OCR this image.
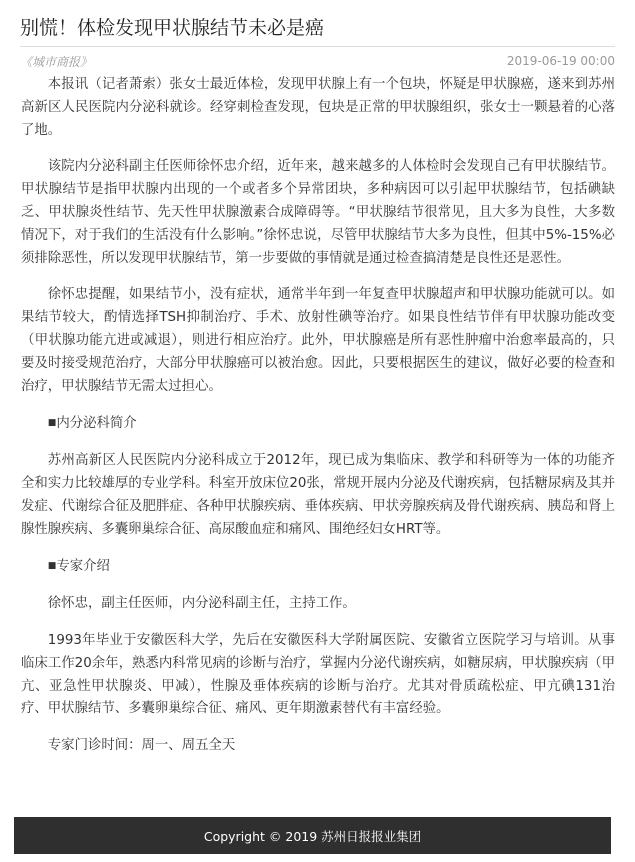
别慌！体检发现甲状腺结节未必是癌
《城市商报》	2019-06-19 00:00

本报讯（记者萧索）张女士最近体检，发现甲状腺上有一个包块，怀疑是甲状腺癌，遂来到苏州高新区人民医院内分泌科就诊。经穿刺检查发现，包块是正常的甲状腺组织，张女士一颗悬着的心落了地。

该院内分泌科副主任医师徐怀忠介绍，近年来，越来越多的人体检时会发现自己有甲状腺结节。甲状腺结节是指甲状腺内出现的一个或者多个异常团块，多种病因可以引起甲状腺结节，包括碘缺乏、甲状腺炎性结节、先天性甲状腺激素合成障碍等。“甲状腺结节很常见，且大多为良性，大多数情况下，对于我们的生活没有什么影响。”徐怀忠说，尽管甲状腺结节大多为良性，但其中5%-15%必须排除恶性，所以发现甲状腺结节，第一步要做的事情就是通过检查搞清楚是良性还是恶性。

徐怀忠提醒，如果结节小，没有症状，通常半年到一年复查甲状腺超声和甲状腺功能就可以。如果结节较大，酌情选择TSH抑制治疗、手术、放射性碘等治疗。如果良性结节伴有甲状腺功能改变（甲状腺功能亢进或减退），则进行相应治疗。此外，甲状腺癌是所有恶性肿瘤中治愈率最高的，只要及时接受规范治疗，大部分甲状腺癌可以被治愈。因此，只要根据医生的建议，做好必要的检查和治疗，甲状腺结节无需太过担心。

■内分泌科简介

苏州高新区人民医院内分泌科成立于2012年，现已成为集临床、教学和科研等为一体的功能齐全和实力比较雄厚的专业学科。科室开放床位20张，常规开展内分泌及代谢疾病，包括糖尿病及其并发症、代谢综合征及肥胖症、各种甲状腺疾病、垂体疾病、甲状旁腺疾病及骨代谢疾病、胰岛和肾上腺性腺疾病、多囊卵巢综合征、高尿酸血症和痛风、围绝经妇女HRT等。

■专家介绍

徐怀忠，副主任医师，内分泌科副主任，主持工作。

1993年毕业于安徽医科大学，先后在安徽医科大学附属医院、安徽省立医院学习与培训。从事临床工作20余年，熟悉内科常见病的诊断与治疗，掌握内分泌代谢疾病，如糖尿病，甲状腺疾病（甲亢、亚急性甲状腺炎、甲减），性腺及垂体疾病的诊断与治疗。尤其对骨质疏松症、甲亢碘131治疗、甲状腺结节、多囊卵巢综合征、痛风、更年期激素替代有丰富经验。

专家门诊时间：周一、周五全天

Copyright © 2019 苏州日报报业集团
